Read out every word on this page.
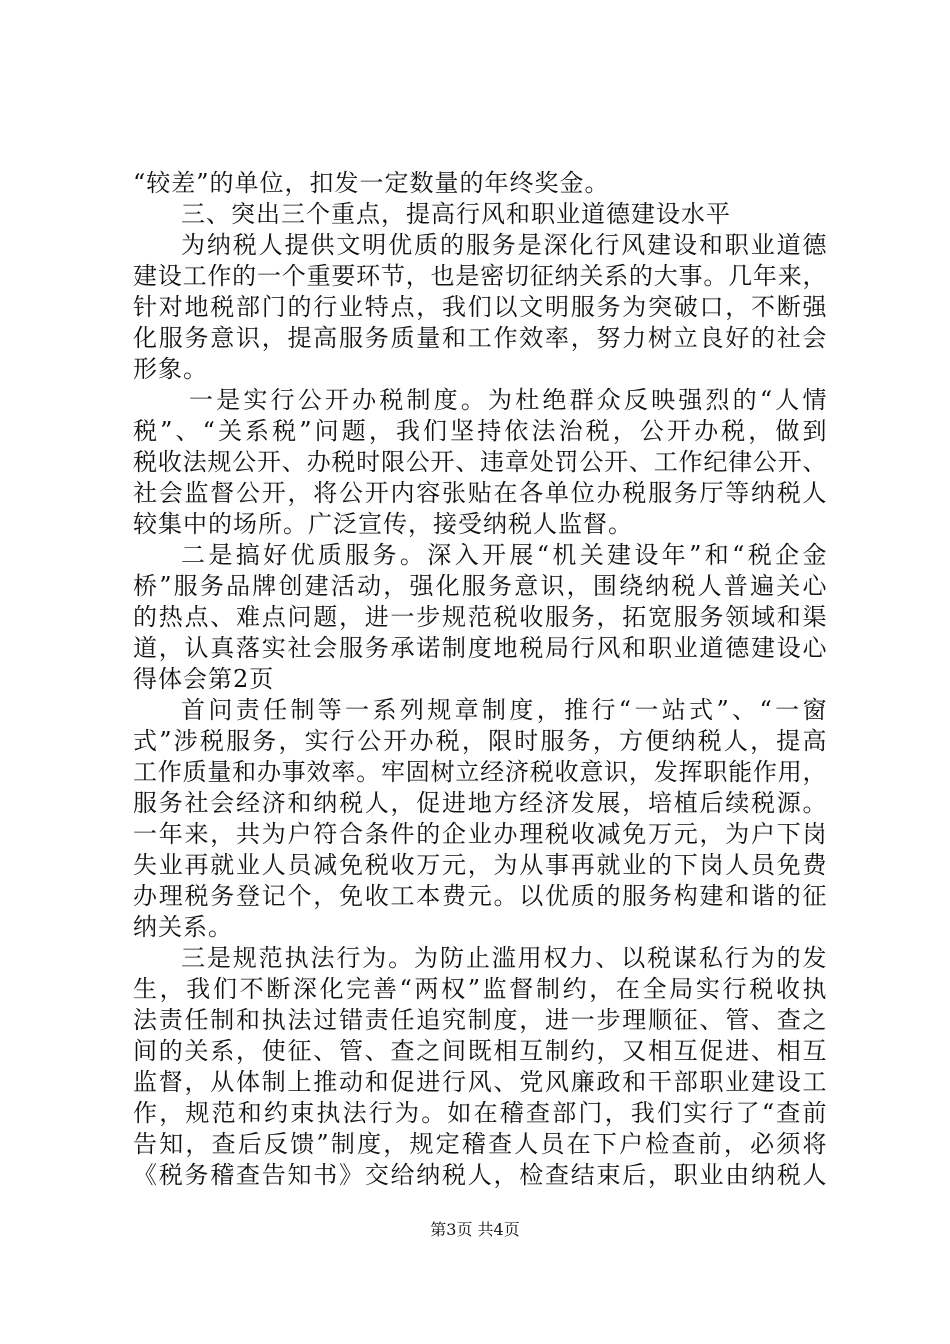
“较差”的单位，扣发一定数量的年终奖金。
三、突出三个重点，提高行风和职业道德建设水平
为纳税人提供文明优质的服务是深化行风建设和职业道德
建设工作的一个重要环节，也是密切征纳关系的大事。几年来，
针对地税部门的行业特点，我们以文明服务为突破口，不断强
化服务意识，提高服务质量和工作效率，努力树立良好的社会
形象。
一是实行公开办税制度。为杜绝群众反映强烈的“人情
税”、“关系税”问题，我们坚持依法治税，公开办税，做到
税收法规公开、办税时限公开、违章处罚公开、工作纪律公开、
社会监督公开，将公开内容张贴在各单位办税服务厅等纳税人
较集中的场所。广泛宣传，接受纳税人监督。
二是搞好优质服务。深入开展“机关建设年”和“税企金
桥”服务品牌创建活动，强化服务意识，围绕纳税人普遍关心
的热点、难点问题，进一步规范税收服务，拓宽服务领域和渠
道，认真落实社会服务承诺制度地税局行风和职业道德建设心
得体会第2页
首问责任制等一系列规章制度，推行“一站式”、“一窗
式”涉税服务，实行公开办税，限时服务，方便纳税人，提高
工作质量和办事效率。牢固树立经济税收意识，发挥职能作用，
服务社会经济和纳税人，促进地方经济发展，培植后续税源。
一年来，共为户符合条件的企业办理税收减免万元，为户下岗
失业再就业人员减免税收万元，为从事再就业的下岗人员免费
办理税务登记个，免收工本费元。以优质的服务构建和谐的征
纳关系。
三是规范执法行为。为防止滥用权力、以税谋私行为的发
生，我们不断深化完善“两权”监督制约，在全局实行税收执
法责任制和执法过错责任追究制度，进一步理顺征、管、查之
间的关系，使征、管、查之间既相互制约，又相互促进、相互
监督，从体制上推动和促进行风、党风廉政和干部职业建设工
作，规范和约束执法行为。如在稽查部门，我们实行了“查前
告知，查后反馈”制度，规定稽查人员在下户检查前，必须将
《税务稽查告知书》交给纳税人，检查结束后，职业由纳税人
第3页 共4页
